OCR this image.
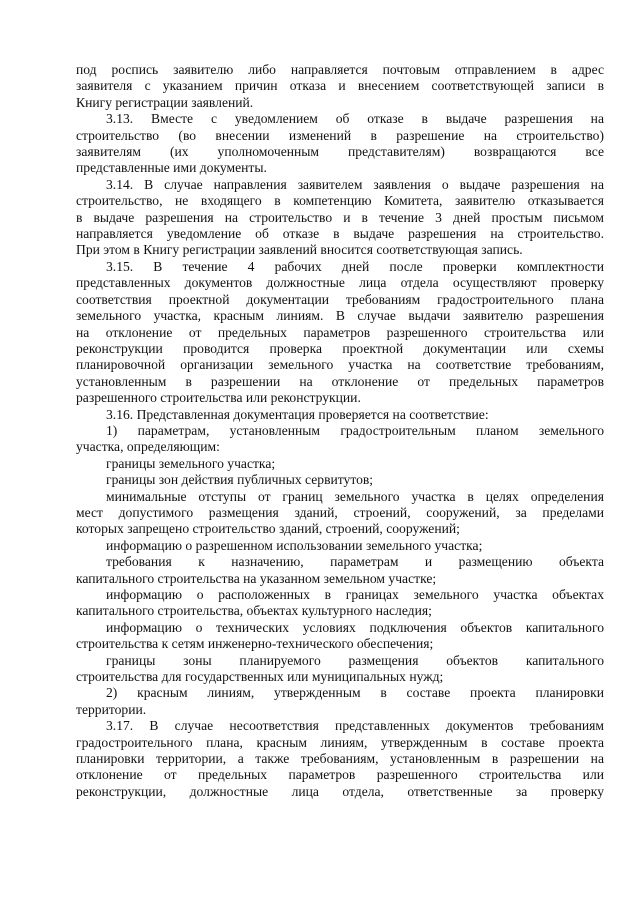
под роспись заявителю либо направляется почтовым отправлением в адрес
заявителя с указанием причин отказа и внесением соответствующей записи в
Книгу регистрации заявлений.
3.13. Вместе с уведомлением об отказе в выдаче разрешения на
строительство (во внесении изменений в разрешение на строительство)
заявителям (их уполномоченным представителям) возвращаются все
представленные ими документы.
3.14. В случае направления заявителем заявления о выдаче разрешения на
строительство, не входящего в компетенцию Комитета, заявителю отказывается
в выдаче разрешения на строительство и в течение 3 дней простым письмом
направляется уведомление об отказе в выдаче разрешения на строительство.
При этом в Книгу регистрации заявлений вносится соответствующая запись.
3.15. В течение 4 рабочих дней после проверки комплектности
представленных документов должностные лица отдела осуществляют проверку
соответствия проектной документации требованиям градостроительного плана
земельного участка, красным линиям. В случае выдачи заявителю разрешения
на отклонение от предельных параметров разрешенного строительства или
реконструкции проводится проверка проектной документации или схемы
планировочной организации земельного участка на соответствие требованиям,
установленным в разрешении на отклонение от предельных параметров
разрешенного строительства или реконструкции.
3.16. Представленная документация проверяется на соответствие:
1) параметрам, установленным градостроительным планом земельного
участка, определяющим:
границы земельного участка;
границы зон действия публичных сервитутов;
минимальные отступы от границ земельного участка в целях определения
мест допустимого размещения зданий, строений, сооружений, за пределами
которых запрещено строительство зданий, строений, сооружений;
информацию о разрешенном использовании земельного участка;
требования к назначению, параметрам и размещению объекта
капитального строительства на указанном земельном участке;
информацию о расположенных в границах земельного участка объектах
капитального строительства, объектах культурного наследия;
информацию о технических условиях подключения объектов капитального
строительства к сетям инженерно-технического обеспечения;
границы зоны планируемого размещения объектов капитального
строительства для государственных или муниципальных нужд;
2) красным линиям, утвержденным в составе проекта планировки
территории.
3.17. В случае несоответствия представленных документов требованиям
градостроительного плана, красным линиям, утвержденным в составе проекта
планировки территории, а также требованиям, установленным в разрешении на
отклонение от предельных параметров разрешенного строительства или
реконструкции, должностные лица отдела, ответственные за проверку
